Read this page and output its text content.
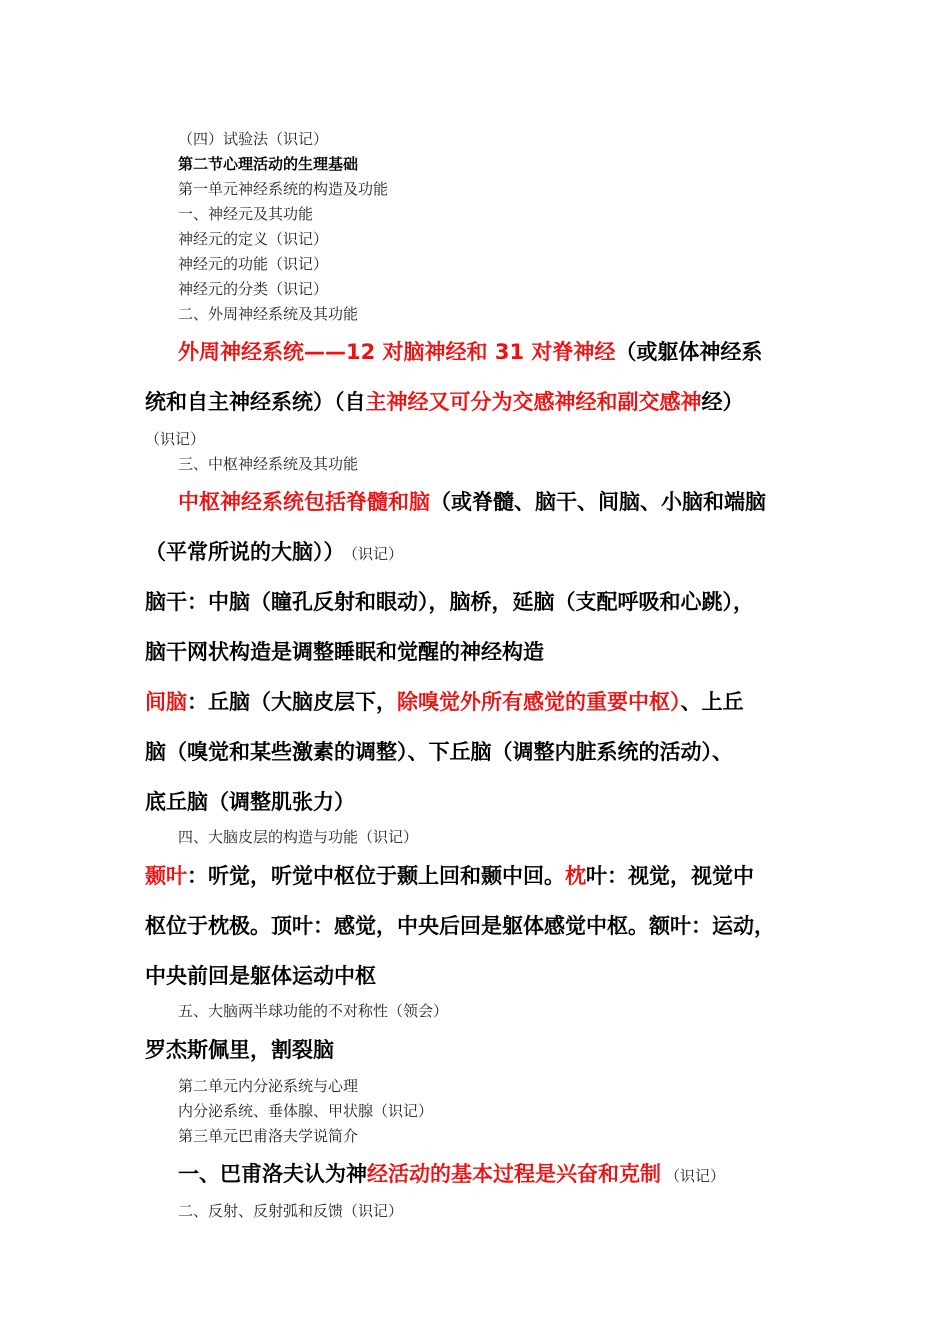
（四）试验法（识记）
第二节心理活动的生理基础
第一单元神经系统的构造及功能
一、神经元及其功能
神经元的定义（识记）
神经元的功能（识记）
神经元的分类（识记）
二、外周神经系统及其功能
外周神经系统——12 对脑神经和 31 对脊神经（或躯体神经系
统和自主神经系统）（自主神经又可分为交感神经和副交感神经）
（识记）
三、中枢神经系统及其功能
中枢神经系统包括脊髓和脑（或脊髓、脑干、间脑、小脑和端脑
（平常所说的大脑）） （识记）
脑干：中脑（瞳孔反射和眼动），脑桥，延脑（支配呼吸和心跳），
脑干网状构造是调整睡眠和觉醒的神经构造
间脑：丘脑（大脑皮层下，除嗅觉外所有感觉的重要中枢）、上丘
脑（嗅觉和某些激素的调整）、下丘脑（调整内脏系统的活动）、
底丘脑（调整肌张力）
四、大脑皮层的构造与功能（识记）
颞叶：听觉，听觉中枢位于颞上回和颞中回。枕叶：视觉，视觉中
枢位于枕极。顶叶：感觉，中央后回是躯体感觉中枢。额叶：运动，
中央前回是躯体运动中枢
五、大脑两半球功能的不对称性（领会）
罗杰斯佩里，割裂脑
第二单元内分泌系统与心理
内分泌系统、垂体腺、甲状腺（识记）
第三单元巴甫洛夫学说简介
一、巴甫洛夫认为神经活动的基本过程是兴奋和克制 （识记）
二、反射、反射弧和反馈（识记）
